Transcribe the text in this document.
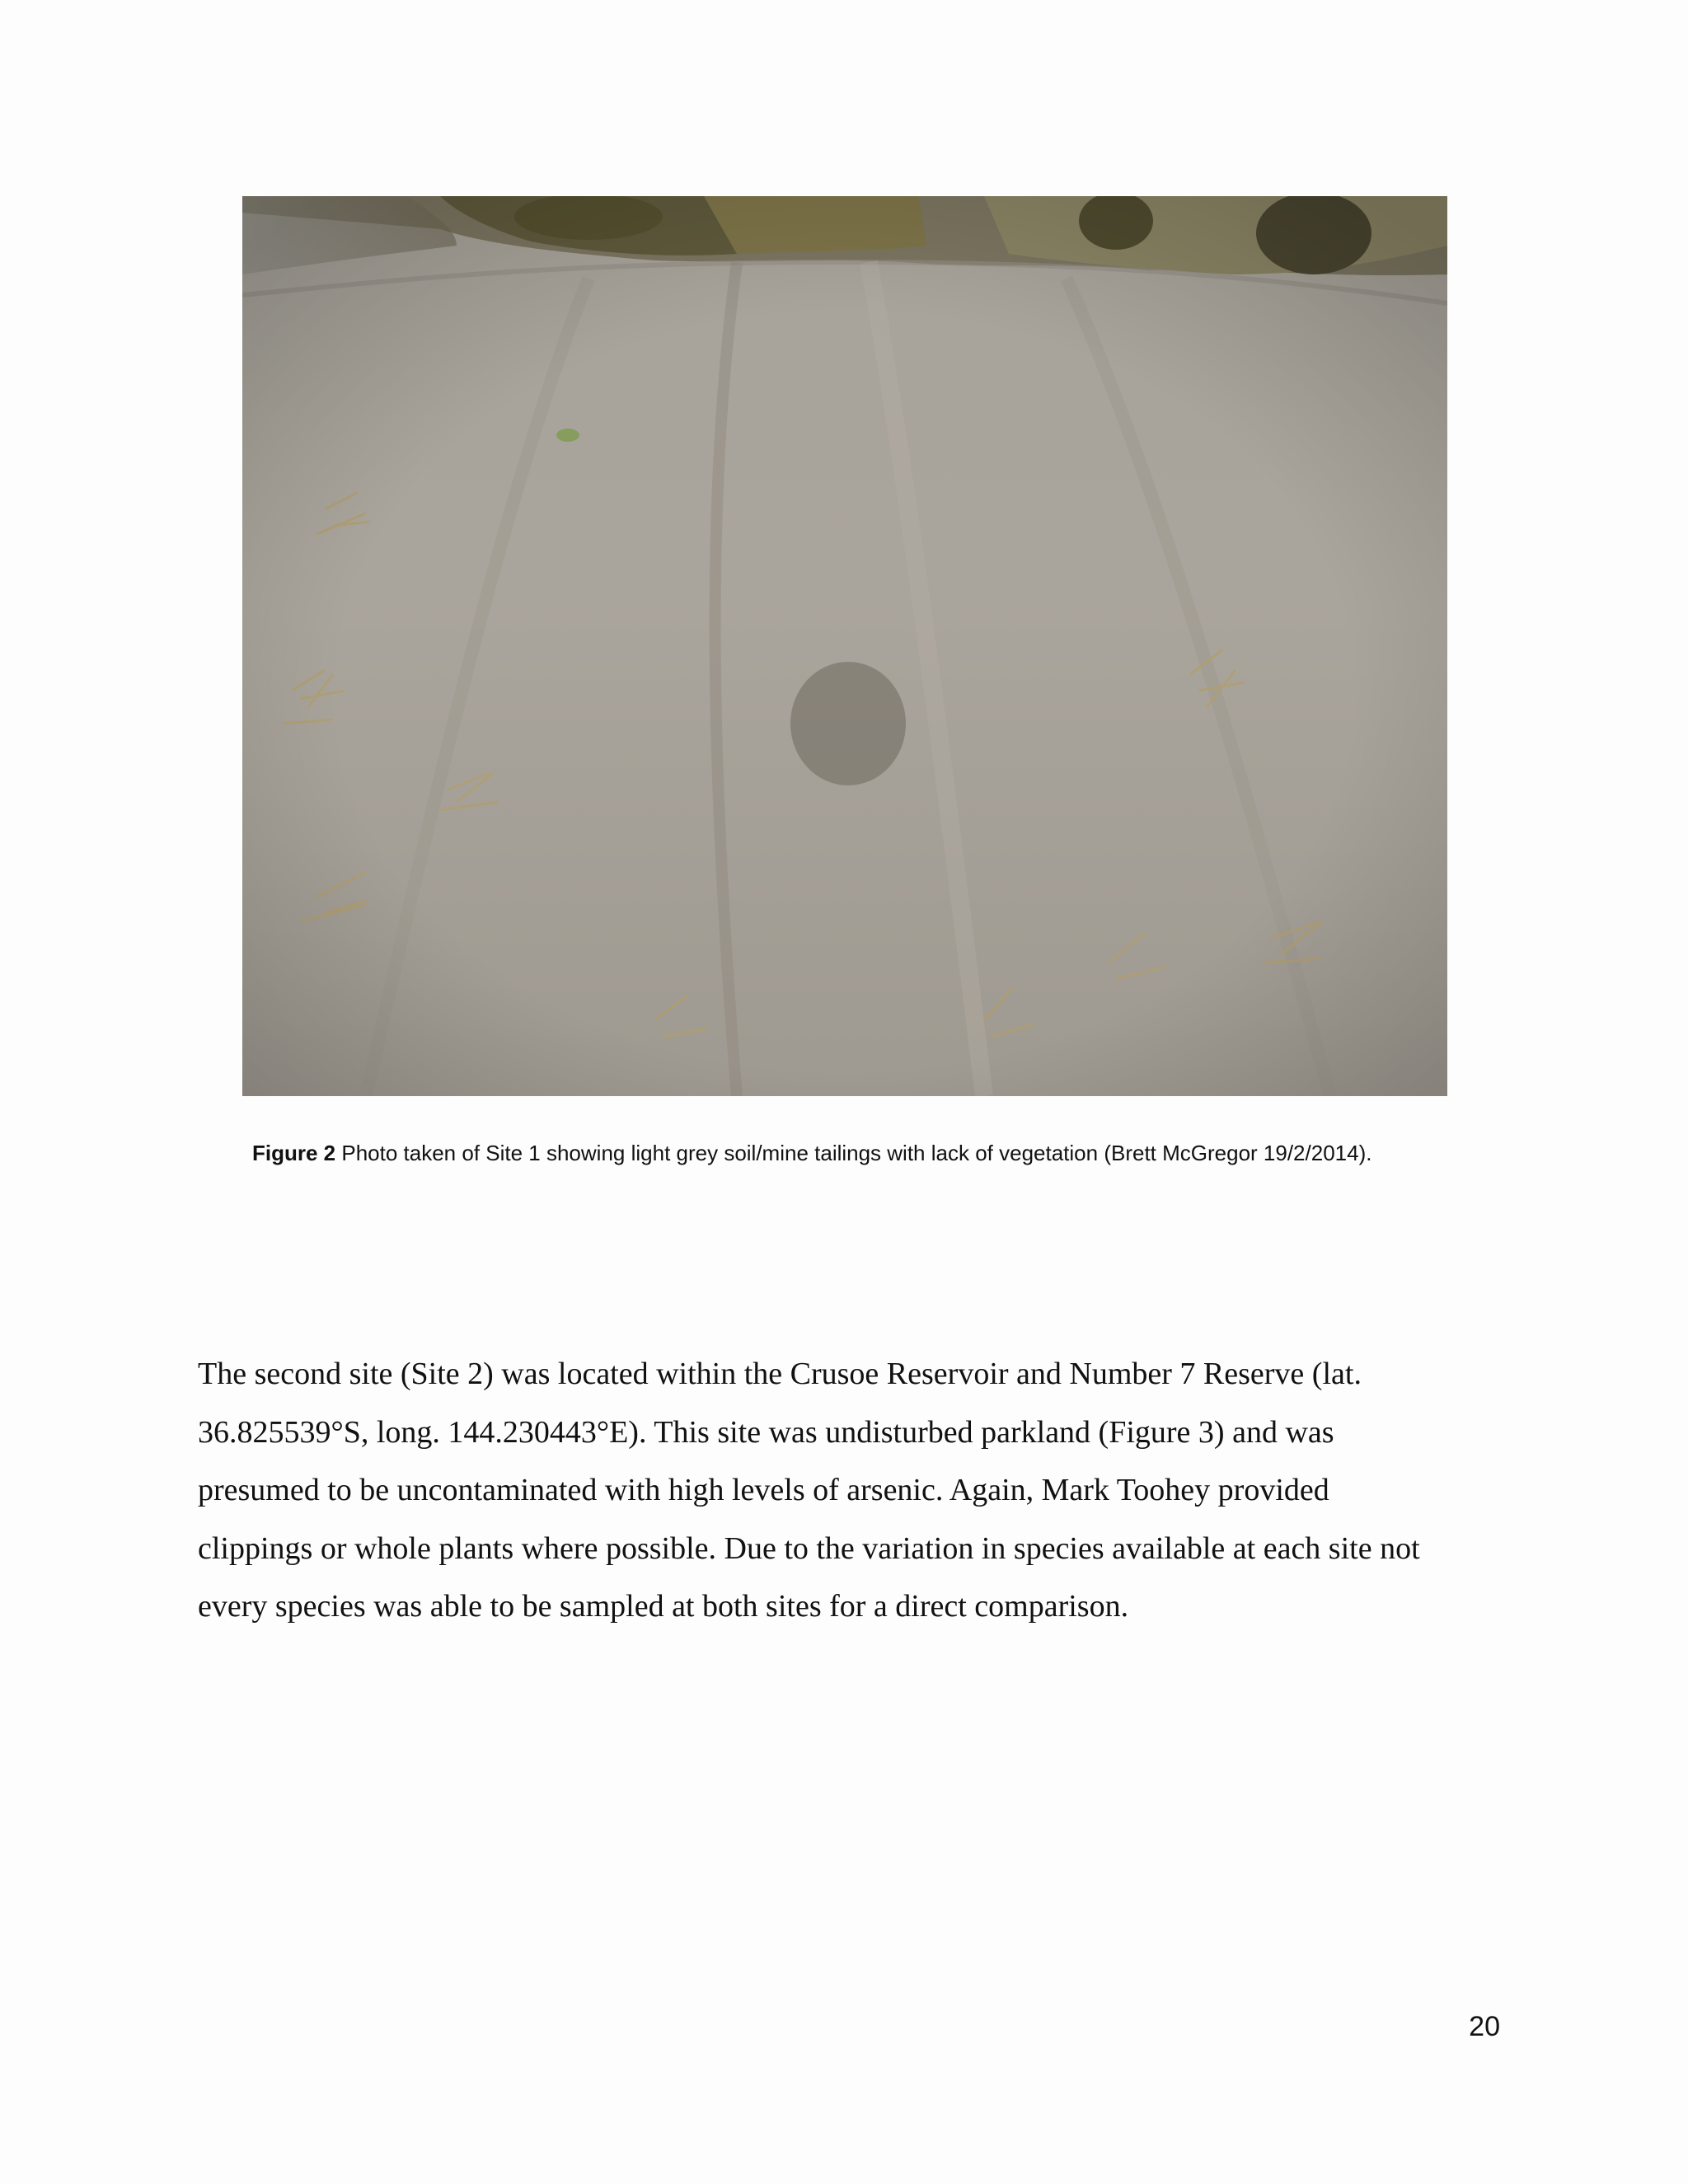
Figure 2 Photo taken of Site 1 showing light grey soil/mine tailings with lack of vegetation (Brett McGregor 19/2/2014).
The second site (Site 2) was located within the Crusoe Reservoir and Number 7 Reserve (lat.
36.825539°S, long. 144.230443°E). This site was undisturbed parkland (Figure 3) and was
presumed to be uncontaminated with high levels of arsenic. Again, Mark Toohey provided
clippings or whole plants where possible. Due to the variation in species available at each site not
every species was able to be sampled at both sites for a direct comparison.
20
